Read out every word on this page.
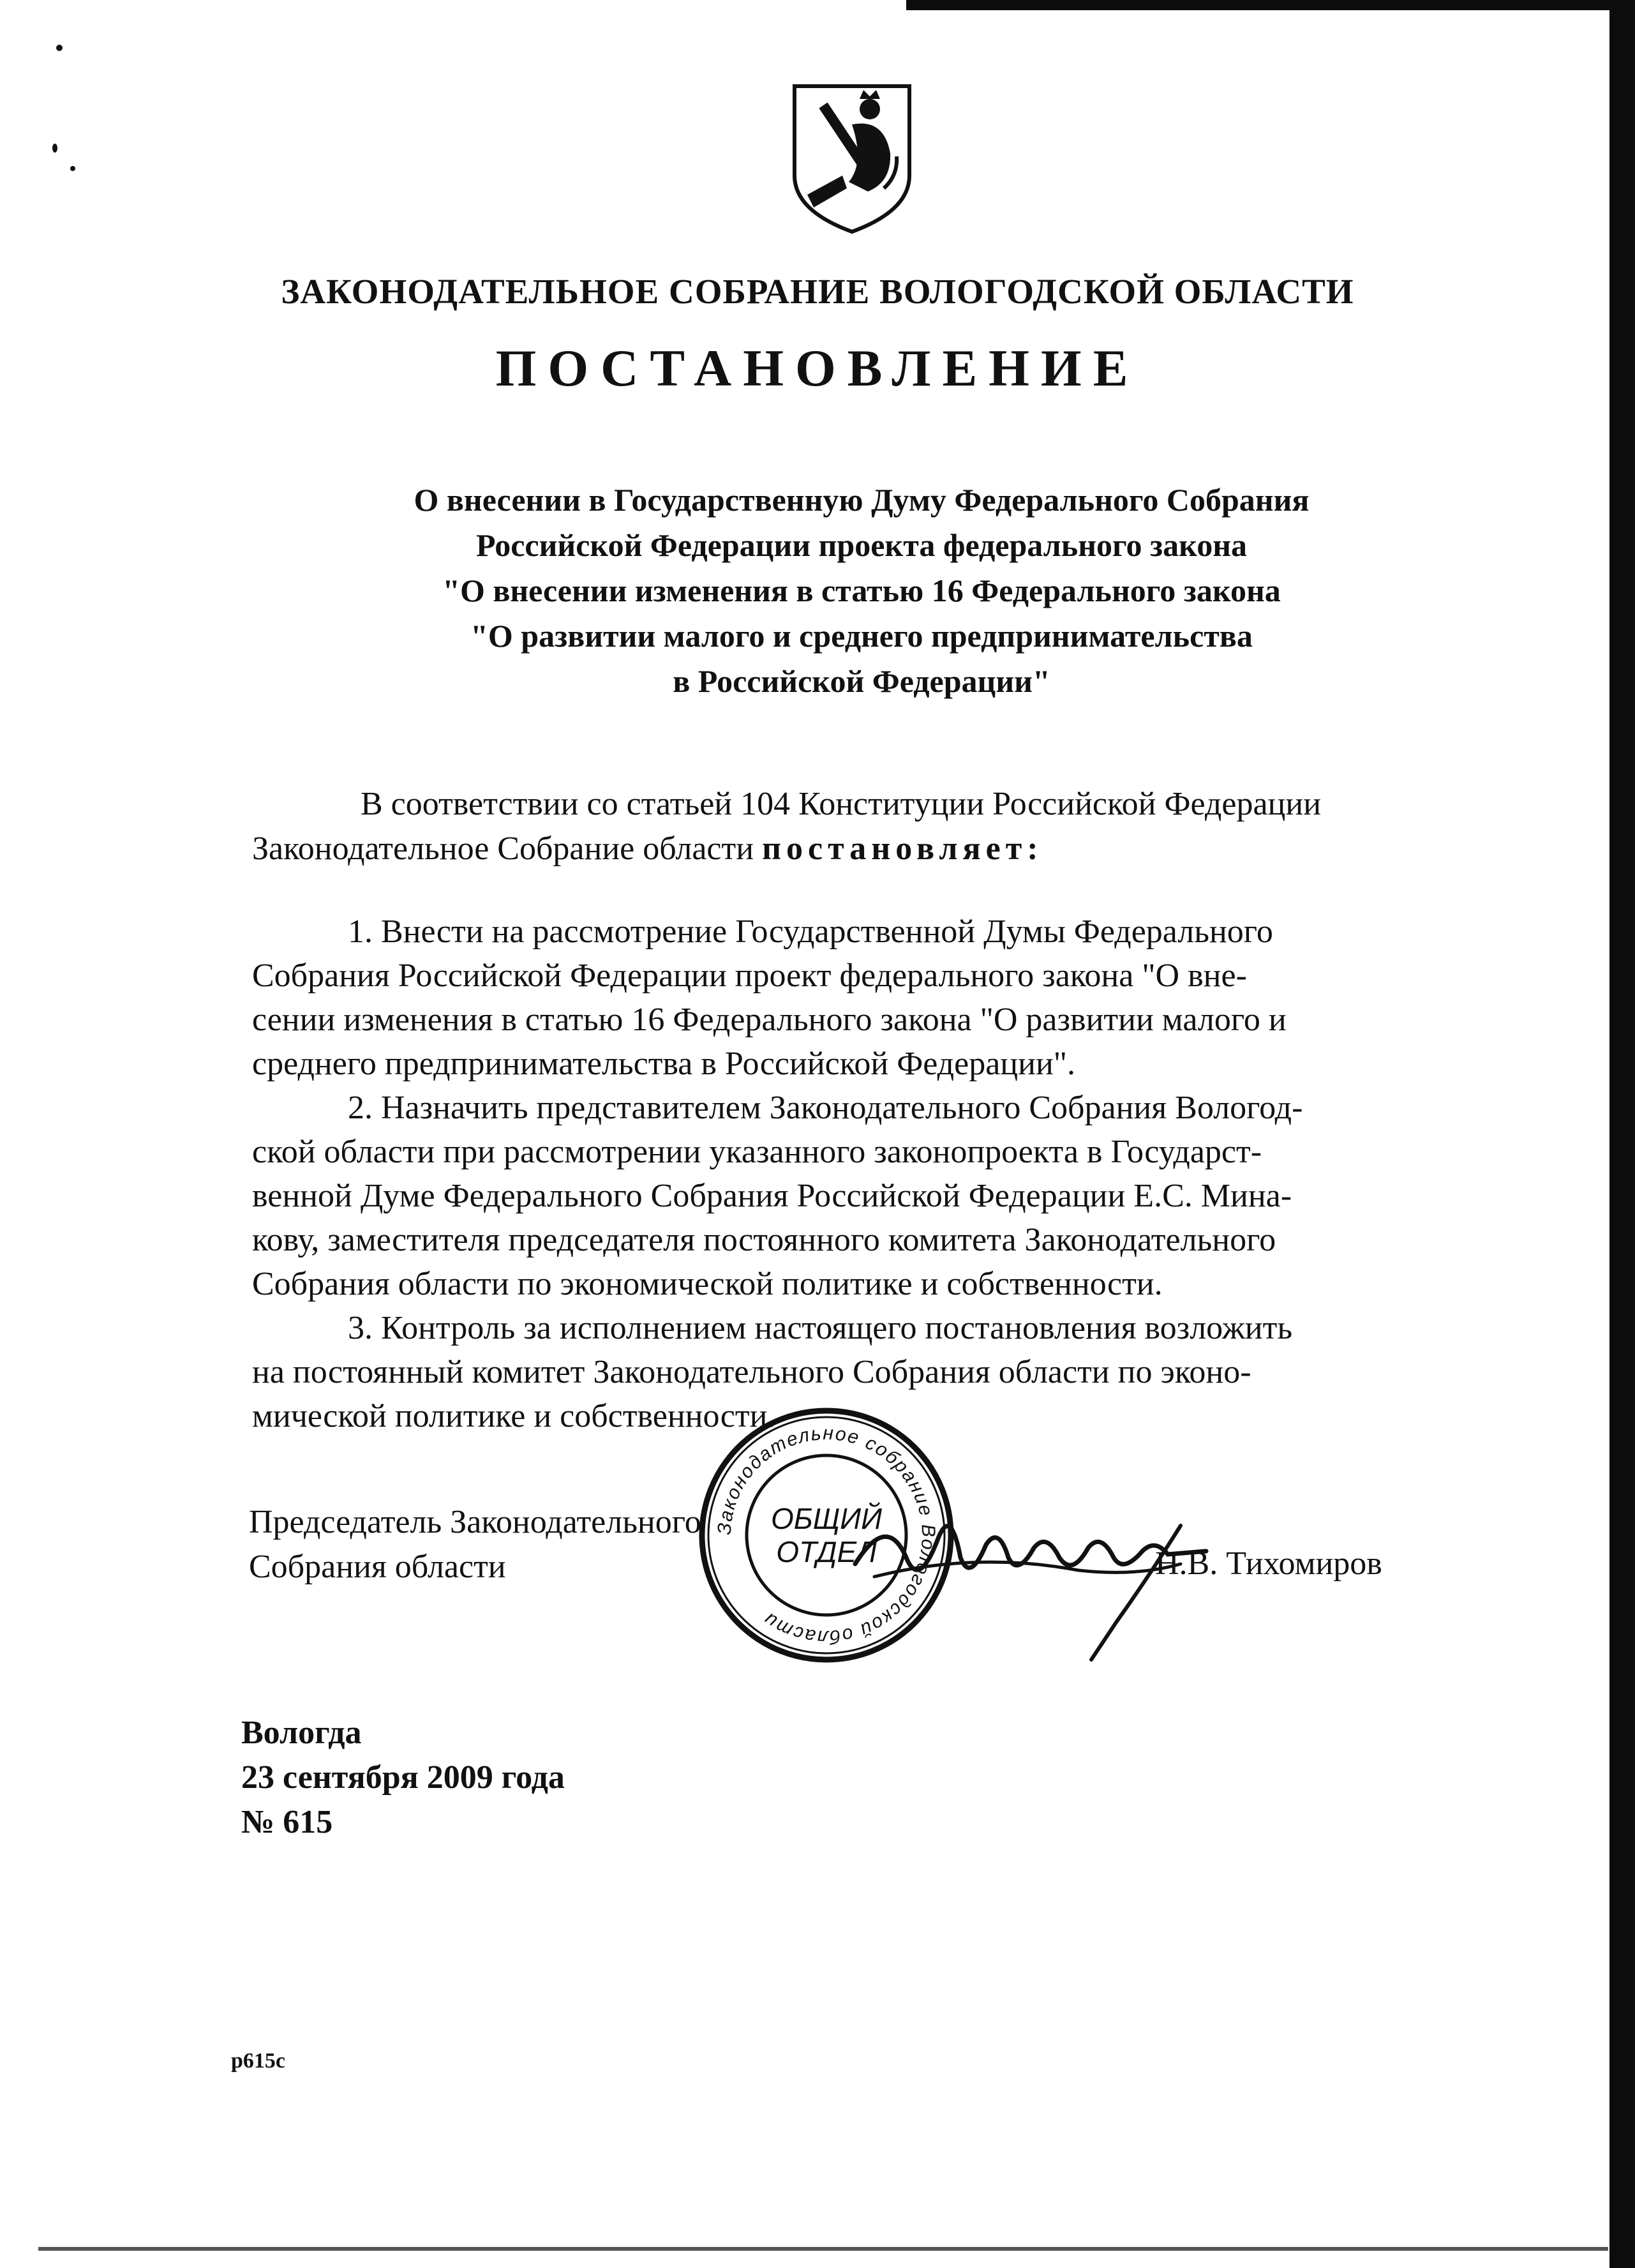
ЗАКОНОДАТЕЛЬНОЕ СОБРАНИЕ ВОЛОГОДСКОЙ ОБЛАСТИ
ПОСТАНОВЛЕНИЕ
О внесении в Государственную Думу Федерального Собрания
Российской Федерации проекта федерального закона
"О внесении изменения в статью 16 Федерального закона
"О развитии малого и среднего предпринимательства
в Российской Федерации"
В соответствии со статьей 104 Конституции Российской Федерации
Законодательное Собрание области постановляет:
1. Внести на рассмотрение Государственной Думы Федерального
Собрания Российской Федерации проект федерального закона "О вне-
сении изменения в статью 16 Федерального закона "О развитии малого и
среднего предпринимательства в Российской Федерации".
2. Назначить представителем Законодательного Собрания Вологод-
ской области при рассмотрении указанного законопроекта в Государст-
венной Думе Федерального Собрания Российской Федерации Е.С. Мина-
кову, заместителя председателя постоянного комитета Законодательного
Собрания области по экономической политике и собственности.
3. Контроль за исполнением настоящего постановления возложить
на постоянный комитет Законодательного Собрания области по эконо-
мической политике и собственности.
Председатель Законодательного
Собрания области
Законодательное собрание Вологодской области
ОБЩИЙ
ОТДЕЛ	Н.В. Тихомиров
Вологда
23 сентября 2009 года
№ 615
р615с
